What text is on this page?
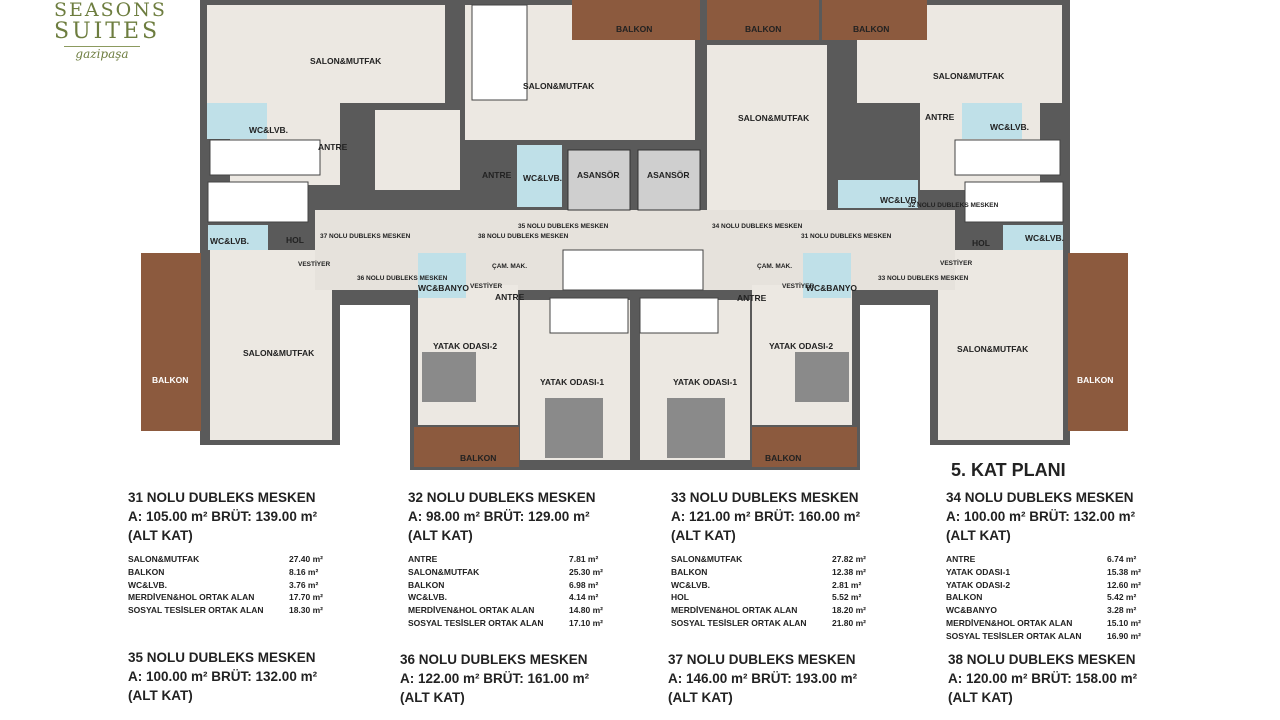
SEASONS
SUITES
gazipaşa	SALON&MUTFAK
SALON&MUTFAK
SALON&MUTFAK
SALON&MUTFAK
SALON&MUTFAK	SALON&MUTFAK
BALKON	BALKON	BALKON
BALKON	BALKON
BALKON	BALKON
WC&LVB.
WC&LVB.
WC&LVB.
WC&LVB.
WC&LVB.	WC&LVB.
ANTRE
ANTRE
ANTRE
ANTRE	ANTRE
ASANSÖR	ASANSÖR
HOL	HOL
WC&BANYO	WC&BANYO
YATAK ODASI-2	YATAK ODASI-2
YATAK ODASI-1	YATAK ODASI-1
VESTİYER
VESTİYER	VESTİYER
VESTİYER
ÇAM. MAK.	ÇAM. MAK.
31 NOLU DUBLEKS MESKEN
32 NOLU DUBLEKS MESKEN
33 NOLU DUBLEKS MESKEN
34 NOLU DUBLEKS MESKEN
35 NOLU DUBLEKS MESKEN
36 NOLU DUBLEKS MESKEN
37 NOLU DUBLEKS MESKEN	38 NOLU DUBLEKS MESKEN
5. KAT PLANI
31 NOLU DUBLEKS MESKEN
A: 105.00 m² BRÜT: 139.00 m²
(ALT KAT)
SALON&MUTFAK	27.40 m²
BALKON	8.16 m²
WC&LVB.	3.76 m²
MERDİVEN&HOL ORTAK ALAN	17.70 m²
SOSYAL TESİSLER ORTAK ALAN	18.30 m²
32 NOLU DUBLEKS MESKEN
A: 98.00 m² BRÜT: 129.00 m²
(ALT KAT)
ANTRE	7.81 m²
SALON&MUTFAK	25.30 m²
BALKON	6.98 m²
WC&LVB.	4.14 m²
MERDİVEN&HOL ORTAK ALAN	14.80 m²
SOSYAL TESİSLER ORTAK ALAN	17.10 m²
33 NOLU DUBLEKS MESKEN
A: 121.00 m² BRÜT: 160.00 m²
(ALT KAT)
SALON&MUTFAK	27.82 m²
BALKON	12.38 m²
WC&LVB.	2.81 m²
HOL	5.52 m²
MERDİVEN&HOL ORTAK ALAN	18.20 m²
SOSYAL TESİSLER ORTAK ALAN	21.80 m²
34 NOLU DUBLEKS MESKEN
A: 100.00 m² BRÜT: 132.00 m²
(ALT KAT)
ANTRE	6.74 m²
YATAK ODASI-1	15.38 m²
YATAK ODASI-2	12.60 m²
BALKON	5.42 m²
WC&BANYO	3.28 m²
MERDİVEN&HOL ORTAK ALAN	15.10 m²
SOSYAL TESİSLER ORTAK ALAN	16.90 m²
35 NOLU DUBLEKS MESKEN
A: 100.00 m² BRÜT: 132.00 m²
(ALT KAT)
36 NOLU DUBLEKS MESKEN
A: 122.00 m² BRÜT: 161.00 m²
(ALT KAT)
37 NOLU DUBLEKS MESKEN
A: 146.00 m² BRÜT: 193.00 m²
(ALT KAT)
38 NOLU DUBLEKS MESKEN
A: 120.00 m² BRÜT: 158.00 m²
(ALT KAT)
